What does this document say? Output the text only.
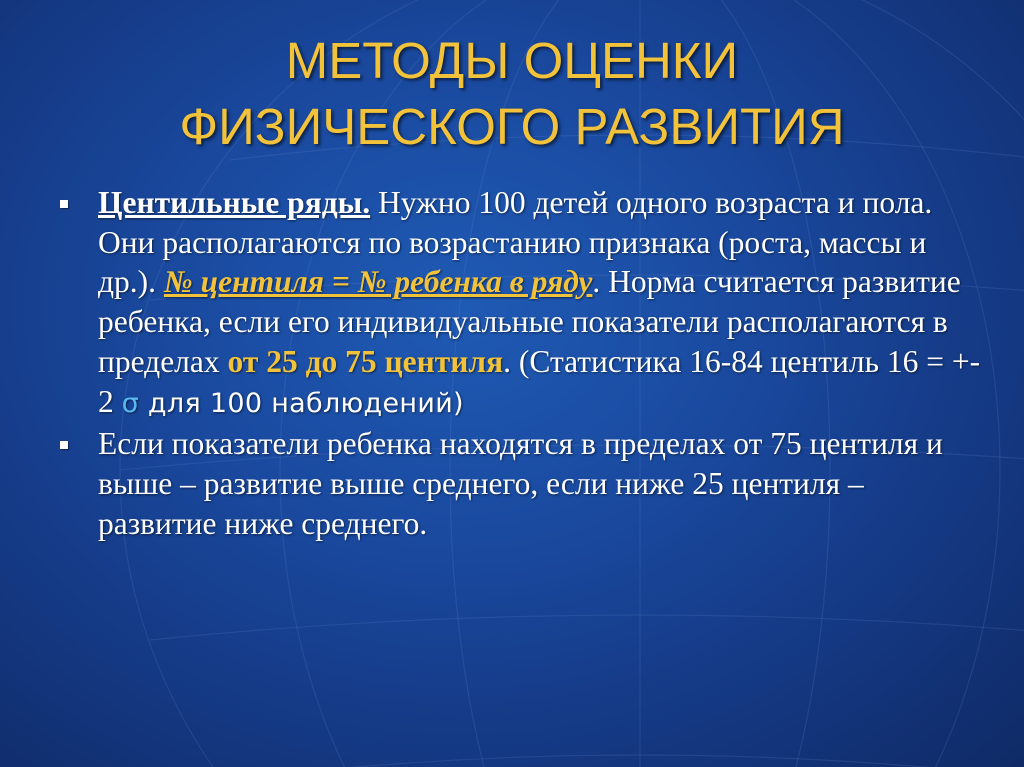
МЕТОДЫ ОЦЕНКИ
ФИЗИЧЕСКОГО РАЗВИТИЯ
Центильные ряды. Нужно 100 детей одного возраста и пола. Они располагаются по возрастанию признака (роста, массы и др.). № центиля = № ребенка в ряду. Норма считается развитие ребенка, если его индивидуальные показатели располагаются в пределах от 25 до 75 центиля. (Статистика 16-84 центиль 16 = +- 2 σ для 100 наблюдений)
Если показатели ребенка находятся в пределах от 75 центиля и выше – развитие выше среднего, если ниже 25 центиля – развитие ниже среднего.
